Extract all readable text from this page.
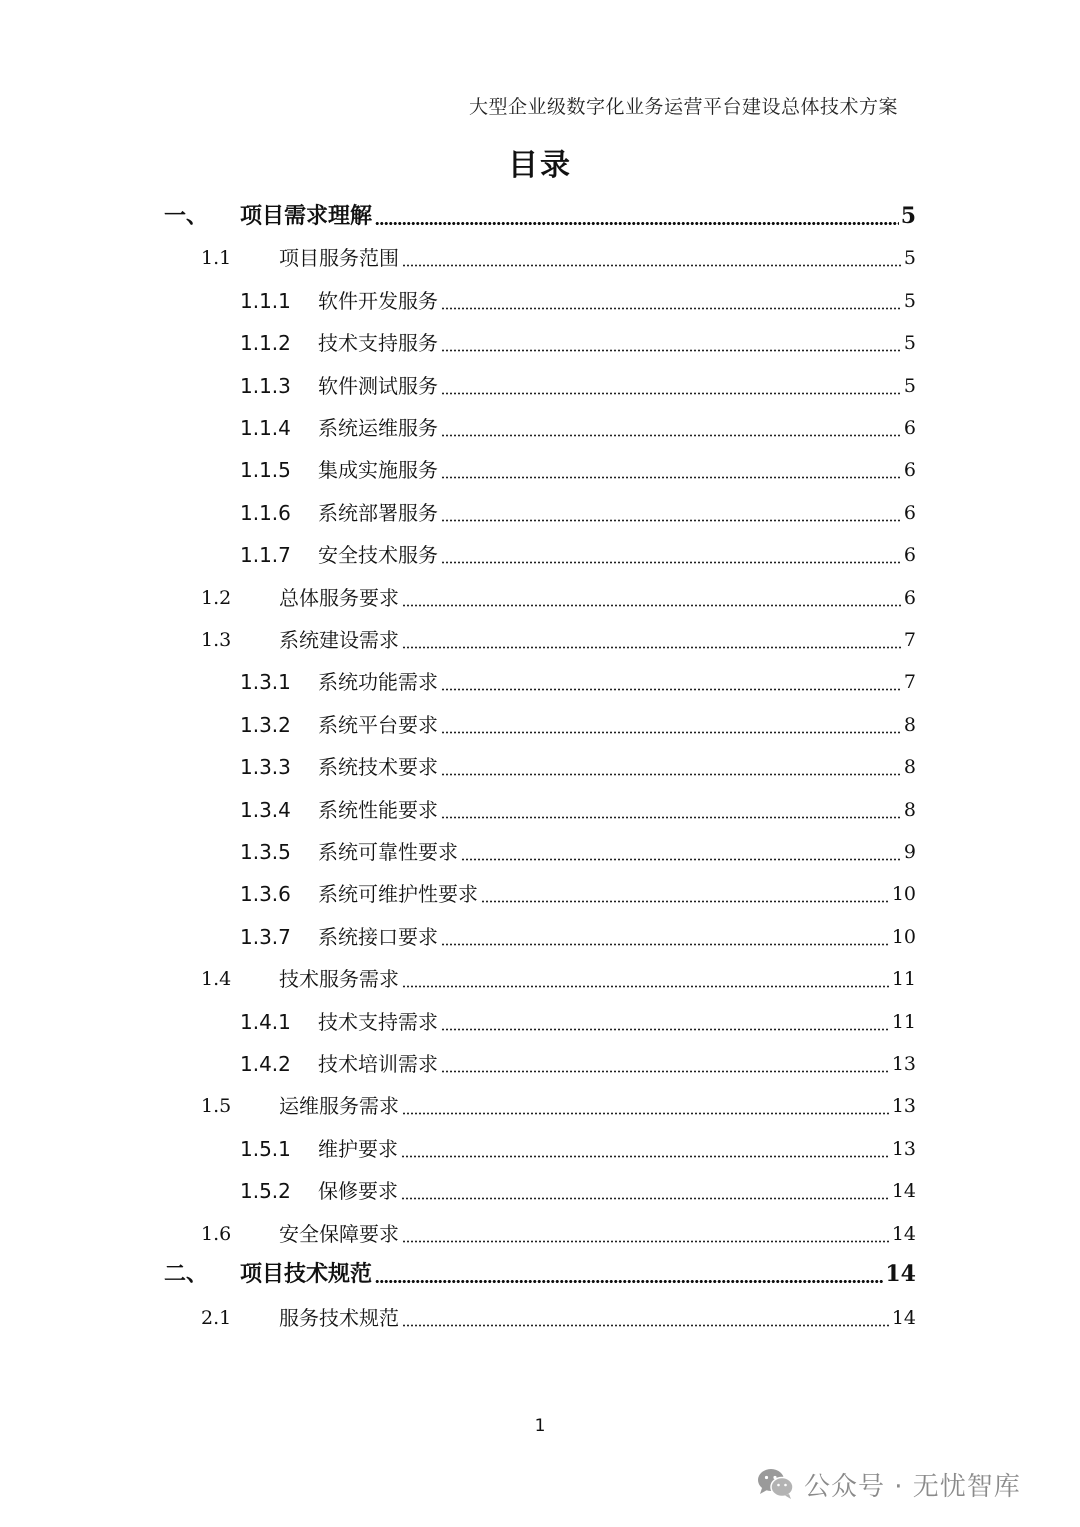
大型企业级数字化业务运营平台建设总体技术方案
目录
一、 项目需求理解	5
1.1 项目服务范围	5
1.1.1 软件开发服务	5
1.1.2 技术支持服务	5
1.1.3 软件测试服务	5
1.1.4 系统运维服务	6
1.1.5 集成实施服务	6
1.1.6 系统部署服务	6
1.1.7 安全技术服务	6
1.2 总体服务要求	6
1.3 系统建设需求	7
1.3.1 系统功能需求	7
1.3.2 系统平台要求	8
1.3.3 系统技术要求	8
1.3.4 系统性能要求	8
1.3.5 系统可靠性要求	9
1.3.6 系统可维护性要求	10
1.3.7 系统接口要求	10
1.4 技术服务需求	11
1.4.1 技术支持需求	11
1.4.2 技术培训需求	13
1.5 运维服务需求	13
1.5.1 维护要求	13
1.5.2 保修要求	14
1.6 安全保障要求	14
二、 项目技术规范	14
2.1 服务技术规范	14
1
公众号 · 无忧智库
